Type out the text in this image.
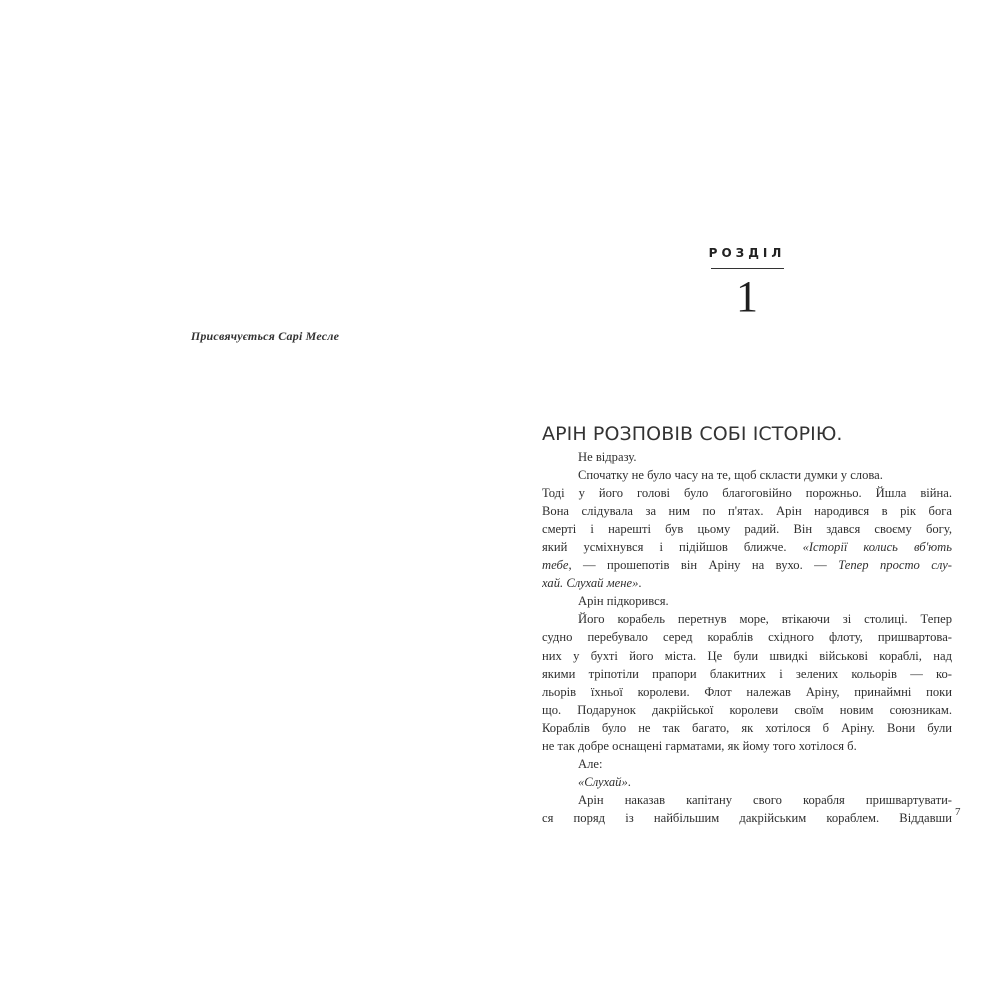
Присвячується Сарі Месле
РОЗДІЛ
1
АРІН РОЗПОВІВ СОБІ ІСТОРІЮ.
Не відразу.
Спочатку не було часу на те, щоб скласти думки у слова.
Тоді у його голові було благоговійно порожньо. Йшла війна.
Вона слідувала за ним по п'ятах. Арін народився в рік бога
смерті і нарешті був цьому радий. Він здався своєму богу,
який усміхнувся і підійшов ближче. «Історії колись вб'ють
тебе, — прошепотів він Аріну на вухо. — Тепер просто слу-
хай. Слухай мене».
Арін підкорився.
Його корабель перетнув море, втікаючи зі столиці. Тепер
судно перебувало серед кораблів східного флоту, пришвартова-
них у бухті його міста. Це були швидкі військові кораблі, над
якими тріпотіли прапори блакитних і зелених кольорів — ко-
льорів їхньої королеви. Флот належав Аріну, принаймні поки
що. Подарунок дакрійської королеви своїм новим союзникам.
Кораблів було не так багато, як хотілося б Аріну. Вони були
не так добре оснащені гарматами, як йому того хотілося б.
Але:
«Слухай».
Арін наказав капітану свого корабля пришвартувати-
ся поряд із найбільшим дакрійським кораблем. Віддавши 7
